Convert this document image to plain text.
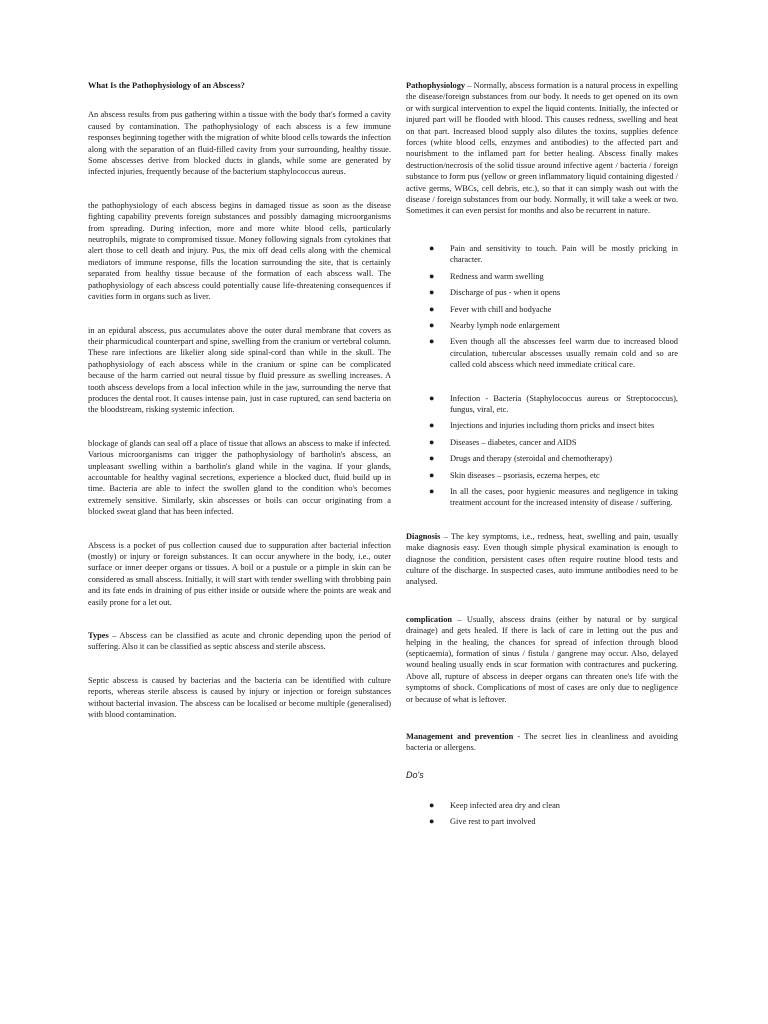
What Is the Pathophysiology of an Abscess?

An abscess results from pus gathering within a tissue with the body that's formed a cavity caused by contamination. The pathophysiology of each abscess is a few immune responses beginning together with the migration of white blood cells towards the infection along with the separation of an fluid-filled cavity from your surrounding, healthy tissue. Some abscesses derive from blocked ducts in glands, while some are generated by infected injuries, frequently because of the bacterium staphylococcus aureus.

the pathophysiology of each abscess begins in damaged tissue as soon as the disease fighting capability prevents foreign substances and possibly damaging microorganisms from spreading. During infection, more and more white blood cells, particularly neutrophils, migrate to compromised tissue. Money following signals from cytokines that alert those to cell death and injury. Pus, the mix off dead cells along with the chemical mediators of immune response, fills the location surrounding the site, that is certainly separated from healthy tissue because of the formation of each abscess wall. The pathophysiology of each abscess could potentially cause life-threatening consequences if cavities form in organs such as liver.

in an epidural abscess, pus accumulates above the outer dural membrane that covers as their pharmicudical counterpart and spine, swelling from the cranium or vertebral column. These rare infections are likelier along side spinal-cord than while in the skull. The pathophysiology of each abscess while in the cranium or spine can be complicated because of the harm carried out neural tissue by fluid pressure as swelling increases. A tooth abscess develops from a local infection while in the jaw, surrounding the nerve that produces the dental root. It causes intense pain, just in case ruptured, can send bacteria on the bloodstream, risking systemic infection.

blockage of glands can seal off a place of tissue that allows an abscess to make if infected. Various microorganisms can trigger the pathophysiology of bartholin's abscess, an unpleasant swelling within a bartholin's gland while in the vagina. If your glands, accountable for healthy vaginal secretions, experience a blocked duct, fluid build up in time. Bacteria are able to infect the swollen gland to the condition who's becomes extremely sensitive. Similarly, skin abscesses or boils can occur originating from a blocked sweat gland that has been infected.

Abscess is a pocket of pus collection caused due to suppuration after bacterial infection (mostly) or injury or foreign substances. It can occur anywhere in the body, i.e., outer surface or inner deeper organs or tissues. A boil or a pustule or a pimple in skin can be considered as small abscess. Initially, it will start with tender swelling with throbbing pain and its fate ends in draining of pus either inside or outside where the points are weak and easily prone for a let out.

Types – Abscess can be classified as acute and chronic depending upon the period of suffering. Also it can be classified as septic abscess and sterile abscess.

Septic abscess is caused by bacterias and the bacteria can be identified with culture reports, whereas sterile abscess is caused by injury or injection or foreign substances without bacterial invasion. The abscess can be localised or become multiple (generalised) with blood contamination.

Pathophysiology – Normally, abscess formation is a natural process in expelling the disease/foreign substances from our body. It needs to get opened on its own or with surgical intervention to expel the liquid contents. Initially, the infected or injured part will be flooded with blood. This causes redness, swelling and heat on that part. Increased blood supply also dilutes the toxins, supplies defence forces (white blood cells, enzymes and antibodies) to the affected part and nourishment to the inflamed part for better healing. Abscess finally makes destruction/necrosis of the solid tissue around infective agent / bacteria / foreign substance to form pus (yellow or green inflammatory liquid containing digested / active germs, WBCs, cell debris, etc.), so that it can simply wash out with the disease / foreign substances from our body. Normally, it will take a week or two. Sometimes it can even persist for months and also be recurrent in nature.

● Pain and sensitivity to touch. Pain will be mostly pricking in character.
● Redness and warm swelling
● Discharge of pus - when it opens
● Fever with chill and bodyache
● Nearby lymph node enlargement
● Even though all the abscesses feel warm due to increased blood circulation, tubercular abscesses usually remain cold and so are called cold abscess which need immediate critical care.
● Infection - Bacteria (Staphylococcus aureus or Streptococcus), fungus, viral, etc.
● Injections and injuries including thorn pricks and insect bites
● Diseases – diabetes, cancer and AIDS
● Drugs and therapy (steroidal and chemotherapy)
● Skin diseases – psoriasis, eczema herpes, etc
● In all the cases, poor hygienic measures and negligence in taking treatment account for the increased intensity of disease / suffering.

Diagnosis – The key symptoms, i.e., redness, heat, swelling and pain, usually make diagnosis easy. Even though simple physical examination is enough to diagnose the condition, persistent cases often require routine blood tests and culture of the discharge. In suspected cases, auto immune antibodies need to be analysed.

complication – Usually, abscess drains (either by natural or by surgical drainage) and gets healed. If there is lack of care in letting out the pus and helping in the healing, the chances for spread of infection through blood (septicaemia), formation of sinus / fistula / gangrene may occur. Also, delayed wound healing usually ends in scar formation with contractures and puckering. Above all, rupture of abscess in deeper organs can threaten one's life with the symptoms of shock. Complications of most of cases are only due to negligence or because of what is leftover.

Management and prevention - The secret lies in cleanliness and avoiding bacteria or allergens.

Do's
● Keep infected area dry and clean
● Give rest to part involved
